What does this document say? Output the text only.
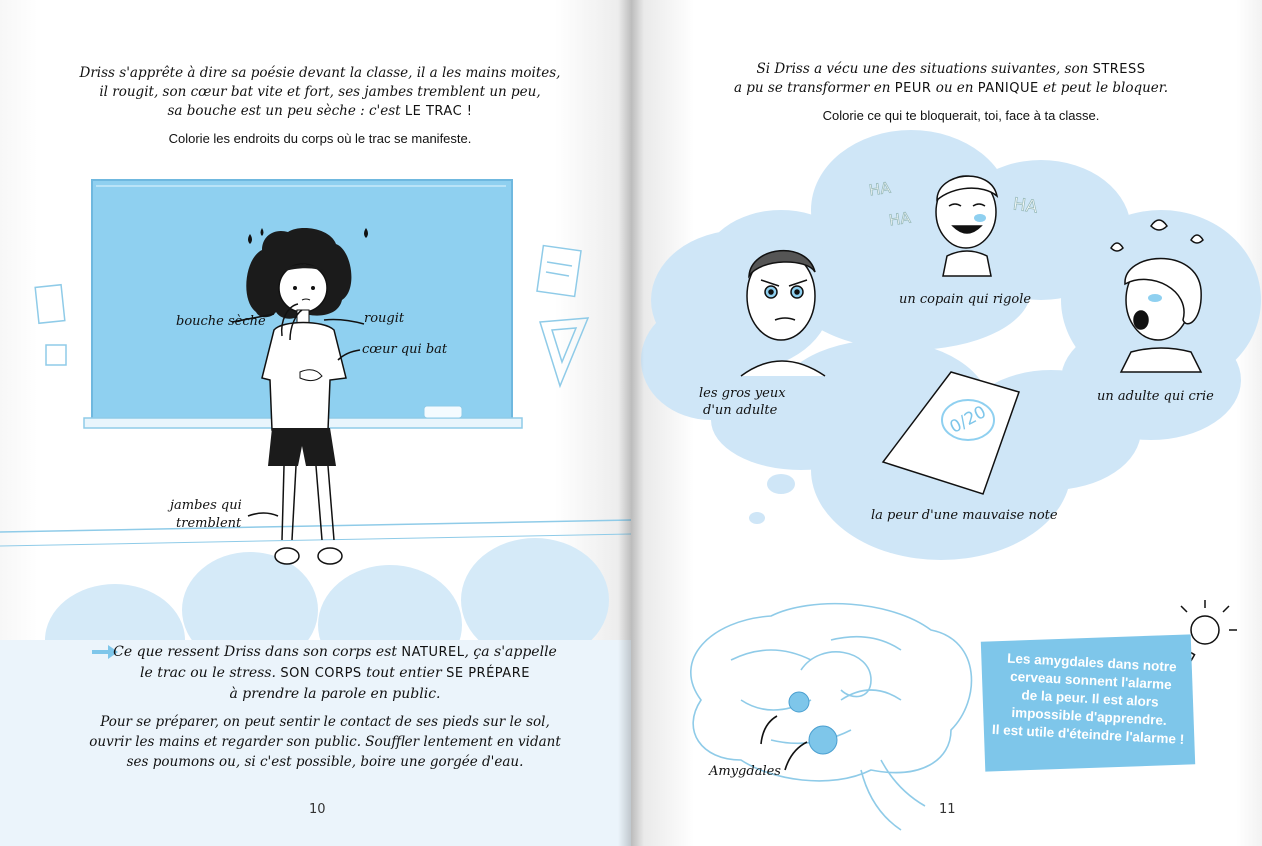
Driss s'apprête à dire sa poésie devant la classe, il a les mains moites,
il rougit, son cœur bat vite et fort, ses jambes tremblent un peu,
sa bouche est un peu sèche : c'est LE TRAC !
Colorie les endroits du corps où le trac se manifeste.
bouche sèche	rougit
cœur qui bat
jambes qui
tremblent
Ce que ressent Driss dans son corps est NATUREL, ça s'appelle
le trac ou le stress. SON CORPS tout entier SE PRÉPARE
à prendre la parole en public.
Pour se préparer, on peut sentir le contact de ses pieds sur le sol,
ouvrir les mains et regarder son public. Souffler lentement en vidant
ses poumons ou, si c'est possible, boire une gorgée d'eau.
10
Si Driss a vécu une des situations suivantes, son STRESS
a pu se transformer en PEUR ou en PANIQUE et peut le bloquer.
Colorie ce qui te bloquerait, toi, face à ta classe.
les gros yeux
d'un adulte
un copain qui rigole
un adulte qui crie
la peur d'une mauvaise note
HA
HA
HA
0/20
Amygdales
11
Les amygdales dans notre
cerveau sonnent l'alarme
de la peur. Il est alors
impossible d'apprendre.
Il est utile d'éteindre l'alarme !
